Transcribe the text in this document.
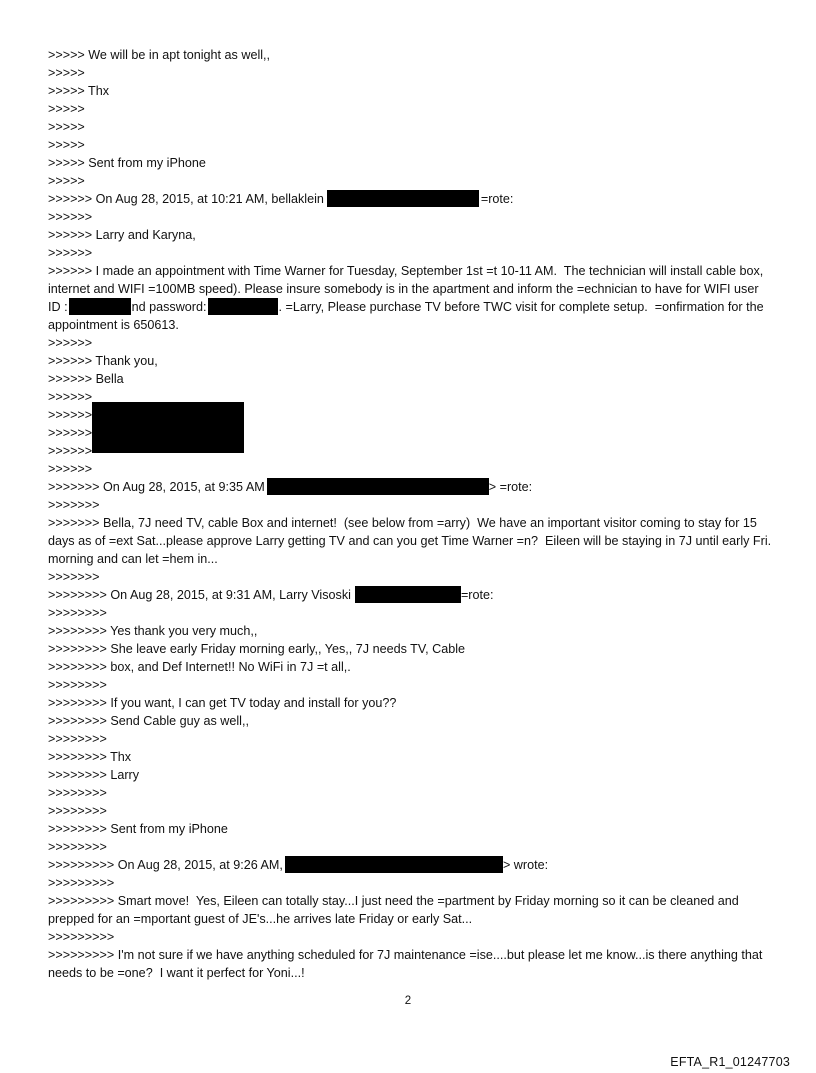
>>>>> We will be in apt tonight as well,,
>>>>>
>>>>> Thx
>>>>>
>>>>>
>>>>>
>>>>> Sent from my iPhone
>>>>>
>>>>>> On Aug 28, 2015, at 10:21 AM, bellaklein	=rote:
>>>>>>
>>>>>> Larry and Karyna,
>>>>>>
>>>>>> I made an appointment with Time Warner for Tuesday, September 1st =t 10-11 AM.  The technician will install cable box, internet and WIFI =100MB speed). Please insure somebody is in the apartment and inform the =echnician to have for WIFI user ID :	nd password:	. =Larry, Please purchase TV before TWC visit for complete setup.  =onfirmation for the appointment is 650613.
>>>>>>
>>>>>> Thank you,
>>>>>> Bella
>>>>>>
>>>>>>
>>>>>>
>>>>>>
>>>>>>
>>>>>>> On Aug 28, 2015, at 9:35 AM	> =rote:
>>>>>>>
>>>>>>> Bella, 7J need TV, cable Box and internet!  (see below from =arry)  We have an important visitor coming to stay for 15 days as of =ext Sat...please approve Larry getting TV and can you get Time Warner =n?  Eileen will be staying in 7J until early Fri. morning and can let =hem in...
>>>>>>>
>>>>>>>> On Aug 28, 2015, at 9:31 AM, Larry Visoski	=rote:
>>>>>>>>
>>>>>>>> Yes thank you very much,,
>>>>>>>> She leave early Friday morning early,, Yes,, 7J needs TV, Cable
>>>>>>>> box, and Def Internet!! No WiFi in 7J =t all,.
>>>>>>>>
>>>>>>>> If you want, I can get TV today and install for you??
>>>>>>>> Send Cable guy as well,,
>>>>>>>>
>>>>>>>> Thx
>>>>>>>> Larry
>>>>>>>>
>>>>>>>>
>>>>>>>> Sent from my iPhone
>>>>>>>>
>>>>>>>>> On Aug 28, 2015, at 9:26 AM,	> wrote:
>>>>>>>>>
>>>>>>>>> Smart move!  Yes, Eileen can totally stay...I just need the =partment by Friday morning so it can be cleaned and prepped for an =mportant guest of JE's...he arrives late Friday or early Sat...
>>>>>>>>>
>>>>>>>>> I'm not sure if we have anything scheduled for 7J maintenance =ise....but please let me know...is there anything that needs to be =one?  I want it perfect for Yoni...!
2
EFTA_R1_01247703
